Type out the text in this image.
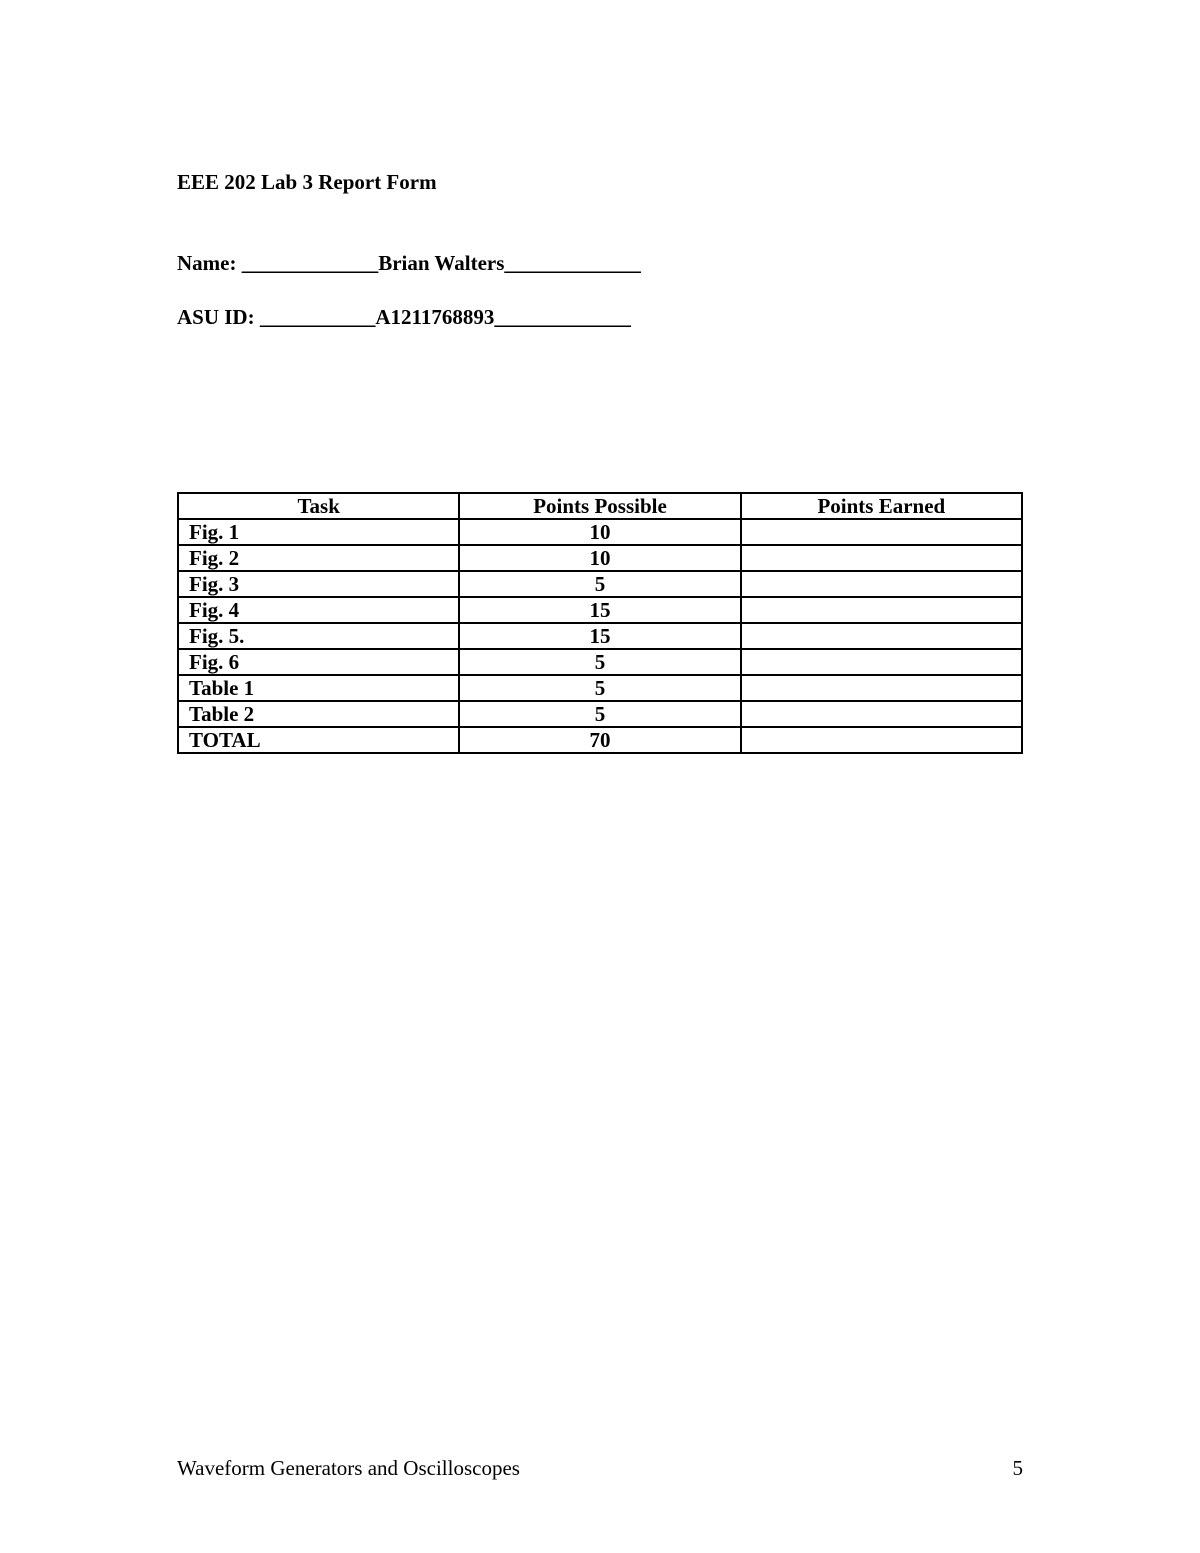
EEE 202 Lab 3 Report Form
Name: _____________Brian Walters_____________
ASU ID: ___________A1211768893_____________
Task	Points Possible	Points Earned
Fig. 1	10	
Fig. 2	10	
Fig. 3	5	
Fig. 4	15	
Fig. 5.	15	
Fig. 6	5	
Table 1	5	
Table 2	5	
TOTAL	70	
Waveform Generators and Oscilloscopes	5
